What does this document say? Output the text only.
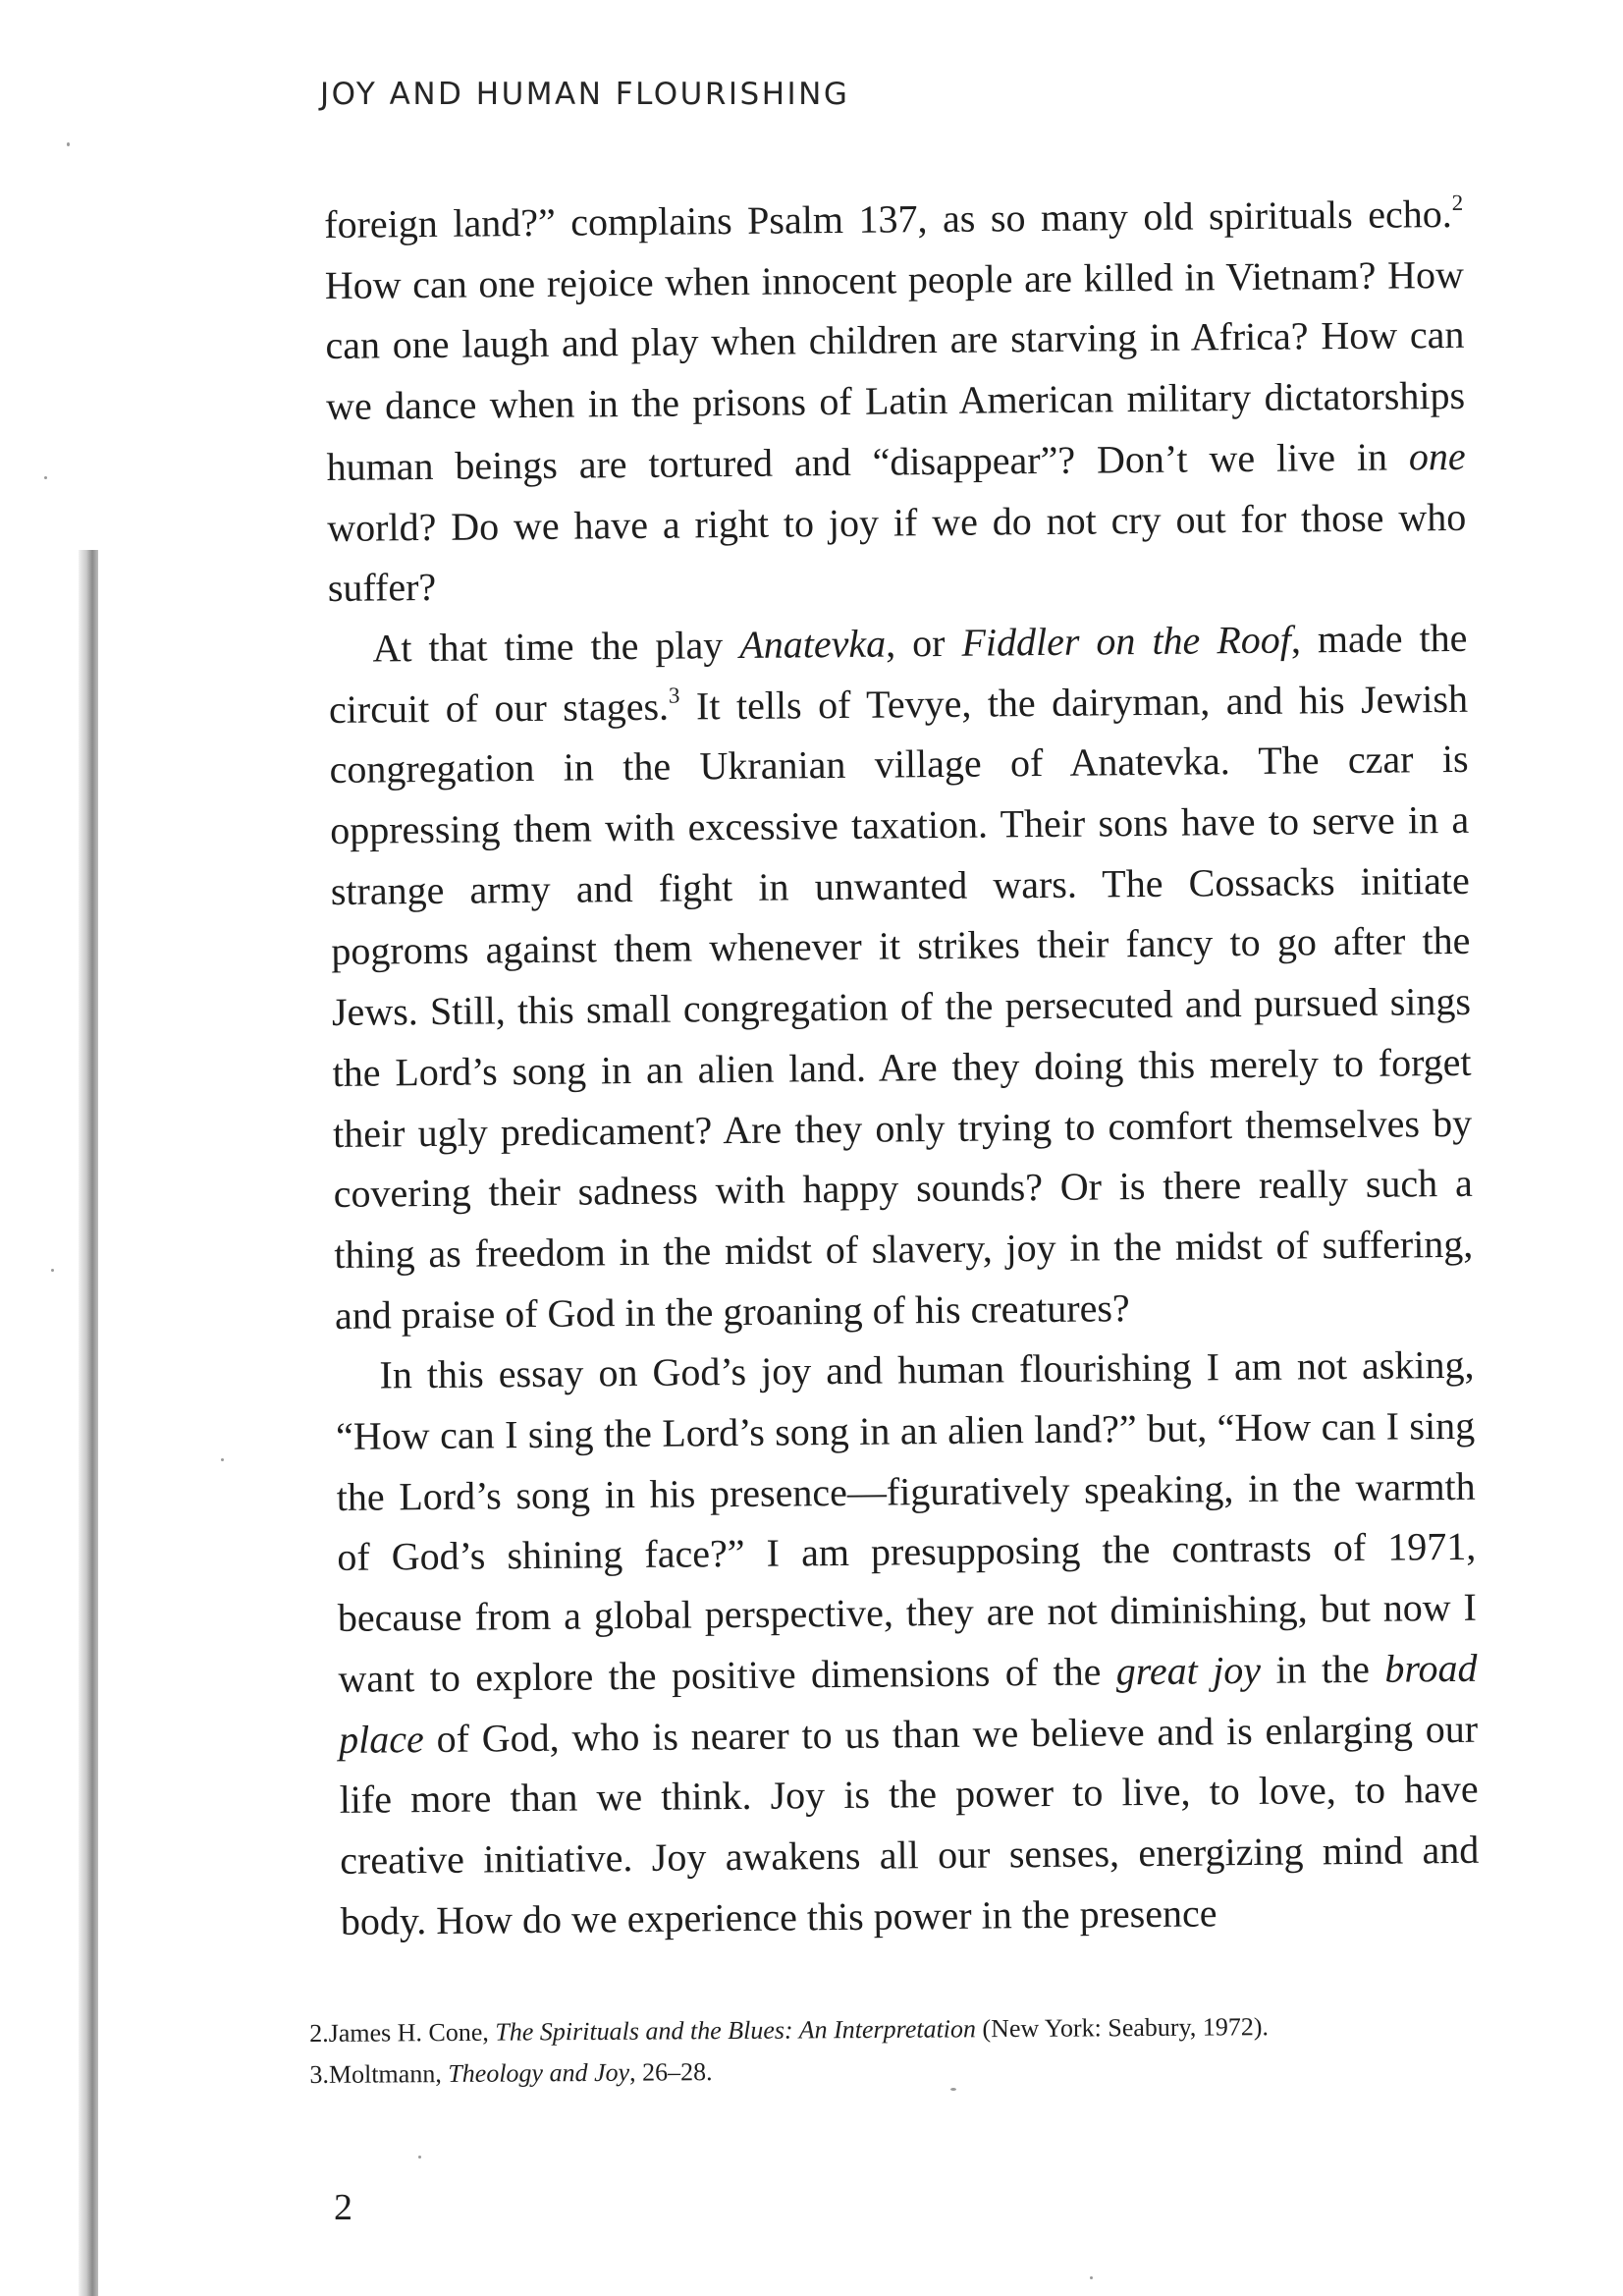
JOY AND HUMAN FLOURISHING

foreign land?” complains Psalm 137, as so many old spirituals echo.$^2$ How can one rejoice when innocent people are killed in Vietnam? How can one laugh and play when children are starving in Africa? How can we dance when in the prisons of Latin American military dictatorships human beings are tortured and “disappear”? Don’t we live in one world? Do we have a right to joy if we do not cry out for those who suffer?

At that time the play Anatevka, or Fiddler on the Roof, made the circuit of our stages.$^3$ It tells of Tevye, the dairyman, and his Jewish congregation in the Ukranian village of Anatevka. The czar is oppressing them with excessive taxation. Their sons have to serve in a strange army and fight in unwanted wars. The Cossacks initiate pogroms against them whenever it strikes their fancy to go after the Jews. Still, this small congregation of the persecuted and pursued sings the Lord’s song in an alien land. Are they doing this merely to forget their ugly predicament? Are they only trying to comfort themselves by covering their sadness with happy sounds? Or is there really such a thing as freedom in the midst of slavery, joy in the midst of suffering, and praise of God in the groaning of his creatures?

In this essay on God’s joy and human flourishing I am not asking, “How can I sing the Lord’s song in an alien land?” but, “How can I sing the Lord’s song in his presence—figuratively speaking, in the warmth of God’s shining face?” I am presupposing the contrasts of 1971, because from a global perspective, they are not diminishing, but now I want to explore the positive dimensions of the great joy in the broad place of God, who is nearer to us than we believe and is enlarging our life more than we think. Joy is the power to live, to love, to have creative initiative. Joy awakens all our senses, energizing mind and body. How do we experience this power in the presence

2.James H. Cone, The Spirituals and the Blues: An Interpretation (New York: Seabury, 1972).
3.Moltmann, Theology and Joy, 26–28.
2
